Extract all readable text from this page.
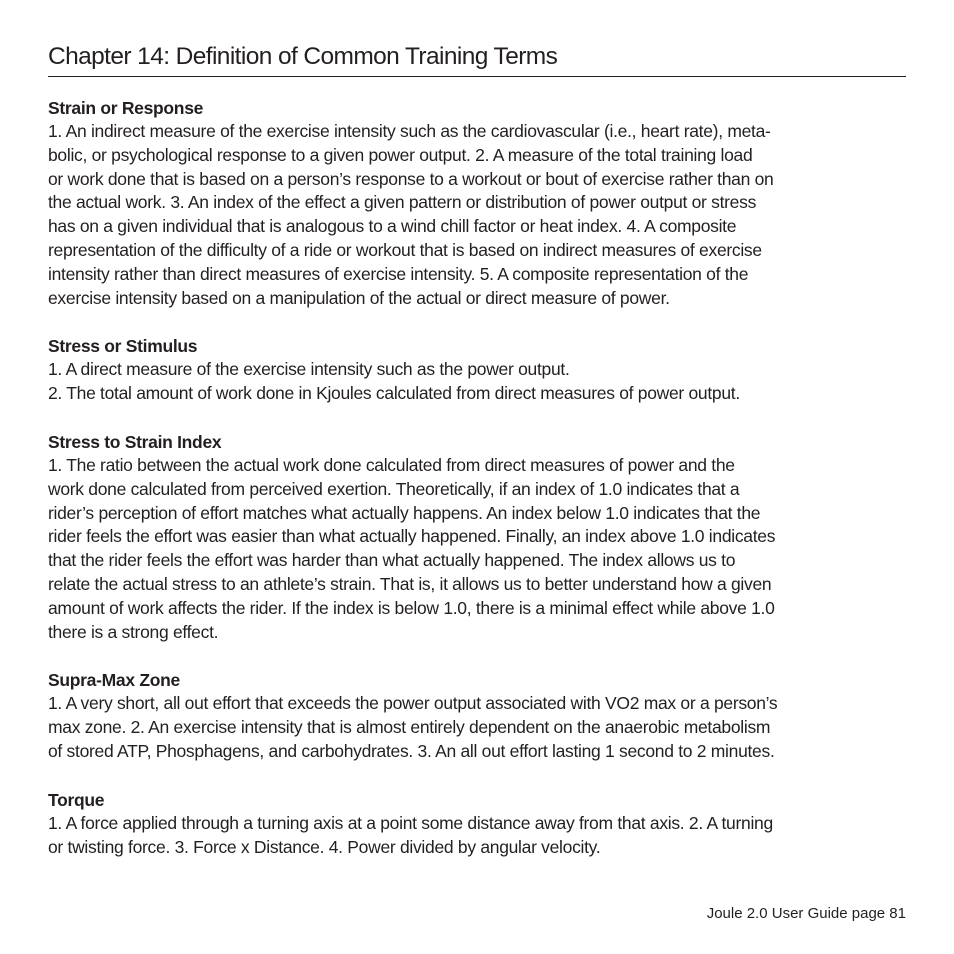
Chapter 14: Definition of Common Training Terms
Strain or Response
1. An indirect measure of the exercise intensity such as the cardiovascular (i.e., heart rate), meta-
bolic, or psychological response to a given power output. 2. A measure of the total training load
or work done that is based on a person’s response to a workout or bout of exercise rather than on
the actual work. 3. An index of the effect a given pattern or distribution of power output or stress
has on a given individual that is analogous to a wind chill factor or heat index. 4. A composite
representation of the difficulty of a ride or workout that is based on indirect measures of exercise
intensity rather than direct measures of exercise intensity. 5. A composite representation of the
exercise intensity based on a manipulation of the actual or direct measure of power.
Stress or Stimulus
1. A direct measure of the exercise intensity such as the power output.
2. The total amount of work done in Kjoules calculated from direct measures of power output.
Stress to Strain Index
1. The ratio between the actual work done calculated from direct measures of power and the
work done calculated from perceived exertion. Theoretically, if an index of 1.0 indicates that a
rider’s perception of effort matches what actually happens. An index below 1.0 indicates that the
rider feels the effort was easier than what actually happened. Finally, an index above 1.0 indicates
that the rider feels the effort was harder than what actually happened. The index allows us to
relate the actual stress to an athlete’s strain. That is, it allows us to better understand how a given
amount of work affects the rider. If the index is below 1.0, there is a minimal effect while above 1.0
there is a strong effect.
Supra-Max Zone
1. A very short, all out effort that exceeds the power output associated with VO2 max or a person’s
max zone. 2. An exercise intensity that is almost entirely dependent on the anaerobic metabolism
of stored ATP, Phosphagens, and carbohydrates. 3. An all out effort lasting 1 second to 2 minutes.
Torque
1. A force applied through a turning axis at a point some distance away from that axis. 2. A turning
or twisting force. 3. Force x Distance. 4. Power divided by angular velocity.
Joule 2.0 User Guide page 81
